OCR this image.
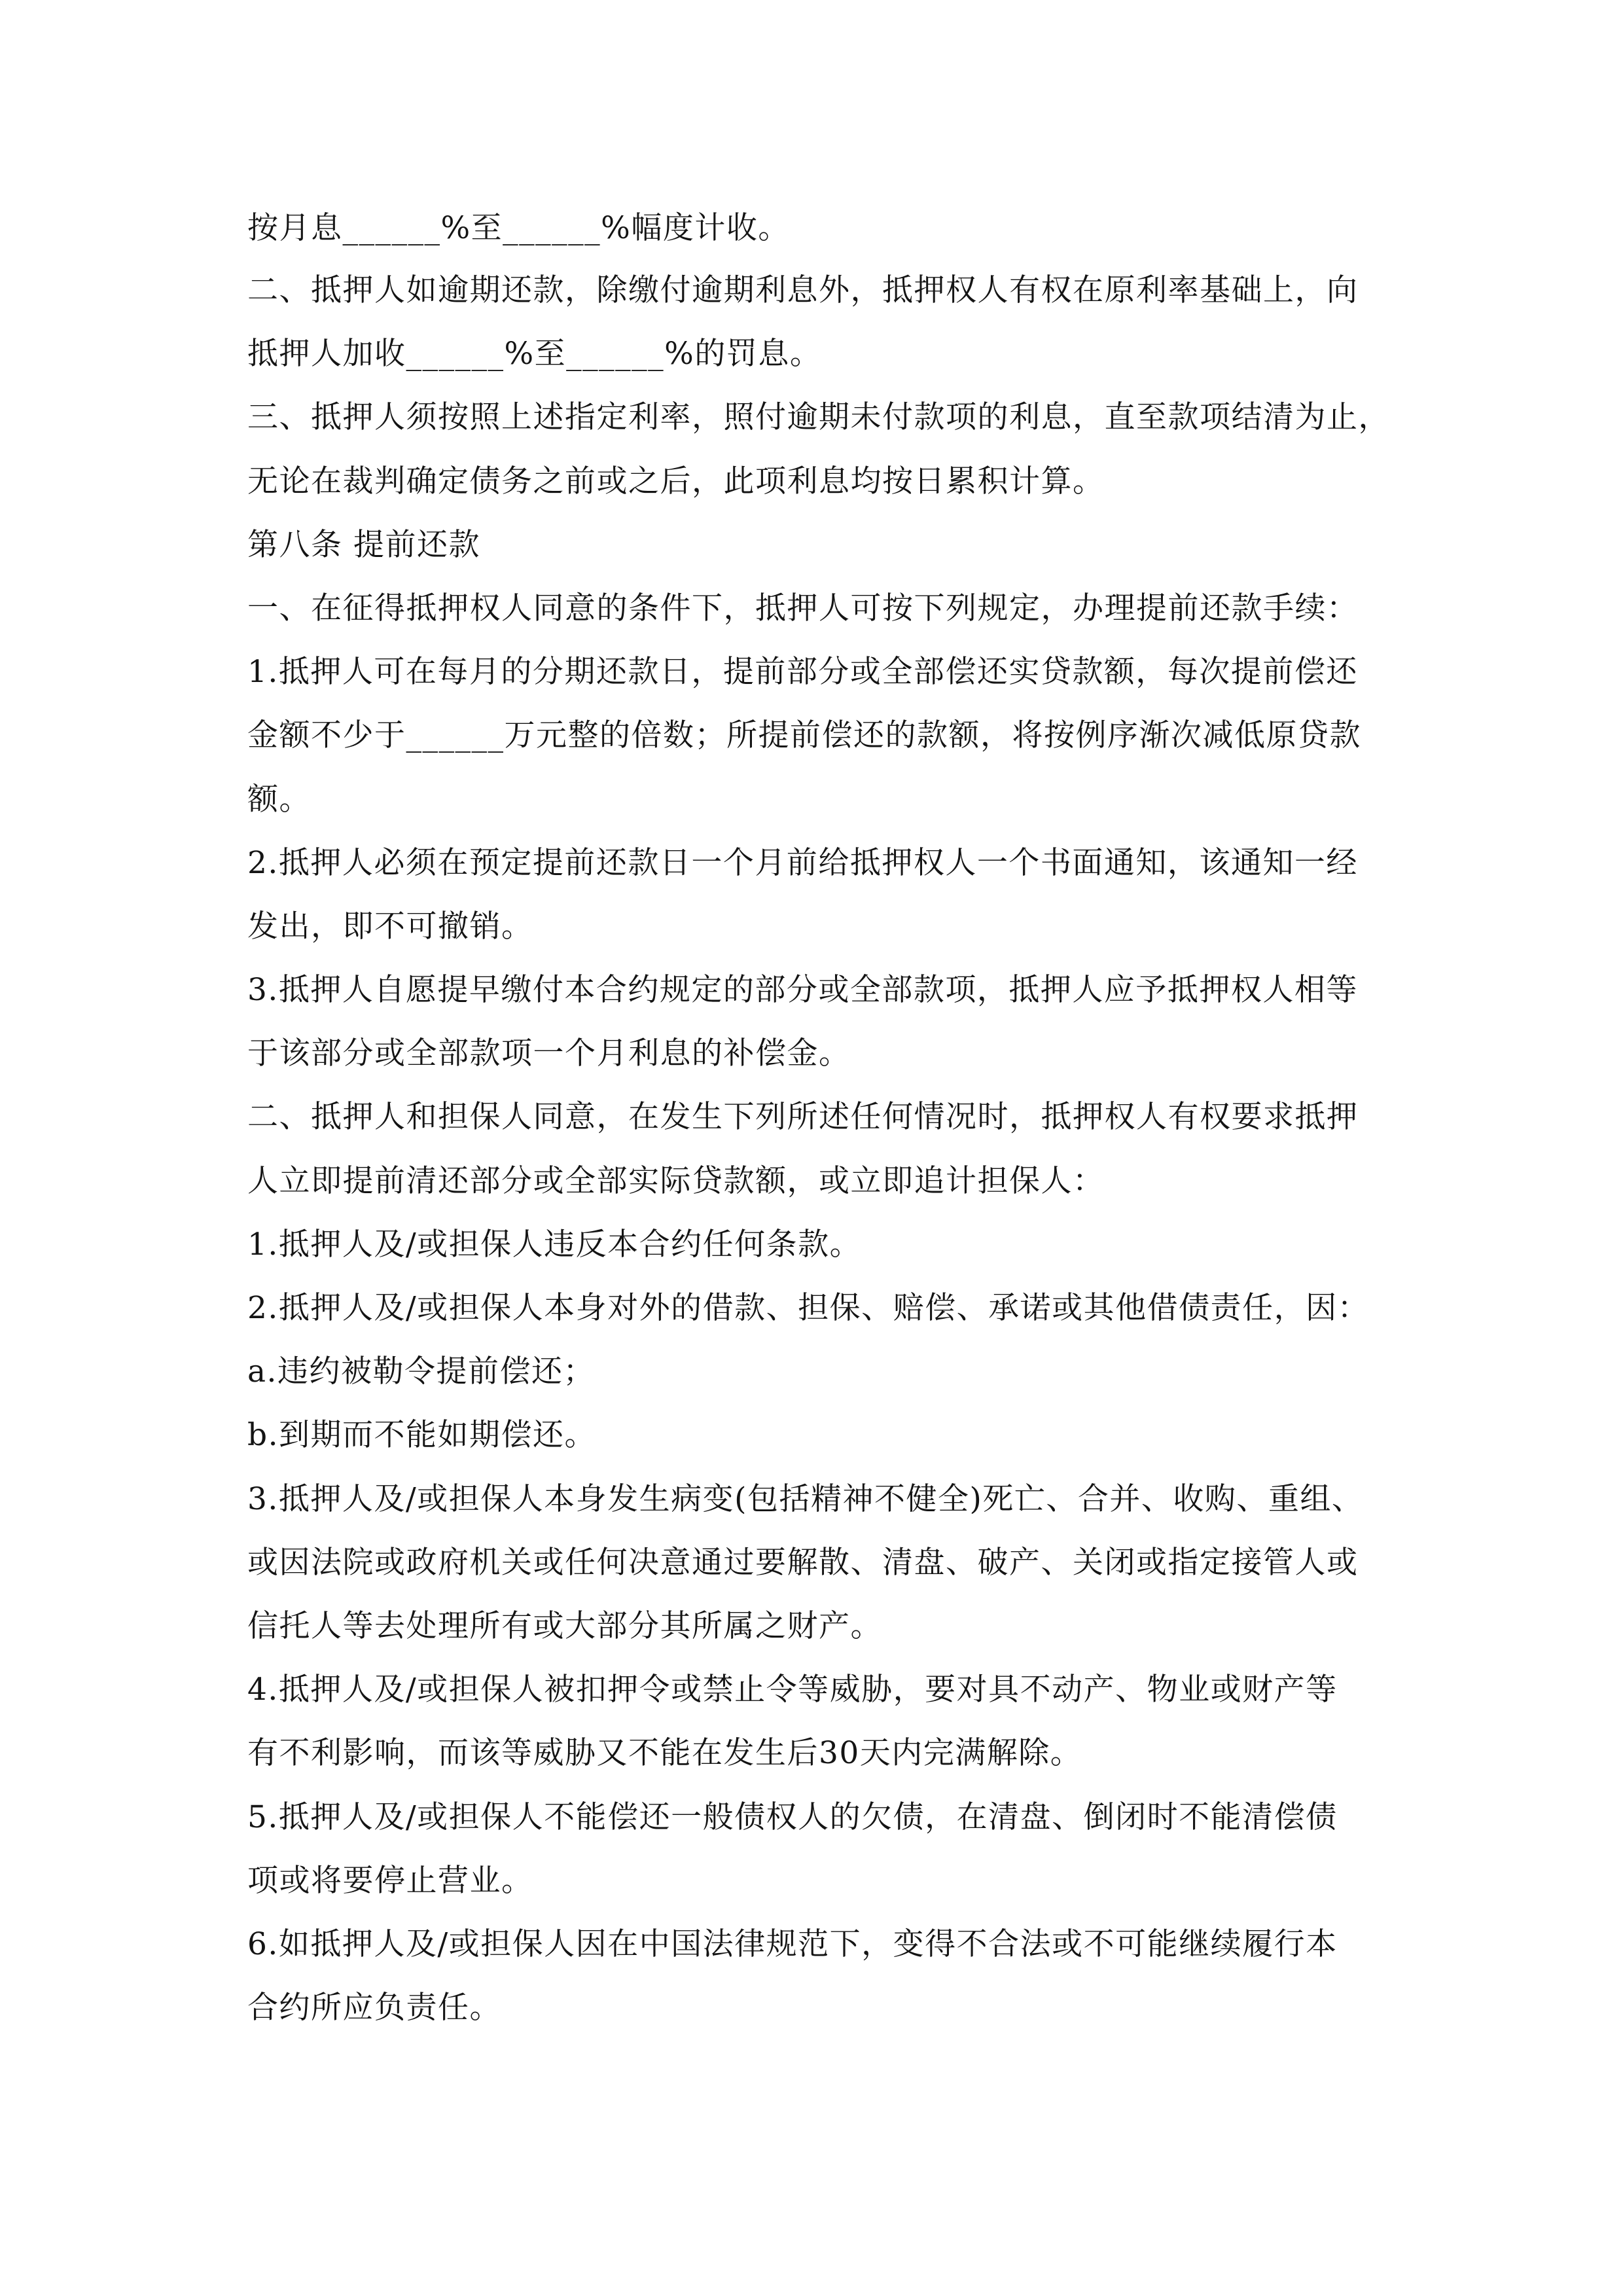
按月息______%至______%幅度计收。
二、抵押人如逾期还款，除缴付逾期利息外，抵押权人有权在原利率基础上，向
抵押人加收______%至______%的罚息。
三、抵押人须按照上述指定利率，照付逾期未付款项的利息，直至款项结清为止，
无论在裁判确定债务之前或之后，此项利息均按日累积计算。
第八条 提前还款
一、在征得抵押权人同意的条件下，抵押人可按下列规定，办理提前还款手续：
1.抵押人可在每月的分期还款日，提前部分或全部偿还实贷款额，每次提前偿还
金额不少于______万元整的倍数；所提前偿还的款额，将按例序渐次减低原贷款
额。
2.抵押人必须在预定提前还款日一个月前给抵押权人一个书面通知，该通知一经
发出，即不可撤销。
3.抵押人自愿提早缴付本合约规定的部分或全部款项，抵押人应予抵押权人相等
于该部分或全部款项一个月利息的补偿金。
二、抵押人和担保人同意，在发生下列所述任何情况时，抵押权人有权要求抵押
人立即提前清还部分或全部实际贷款额，或立即追计担保人：
1.抵押人及/或担保人违反本合约任何条款。
2.抵押人及/或担保人本身对外的借款、担保、赔偿、承诺或其他借债责任，因：
a.违约被勒令提前偿还；
b.到期而不能如期偿还。
3.抵押人及/或担保人本身发生病变(包括精神不健全)死亡、合并、收购、重组、
或因法院或政府机关或任何决意通过要解散、清盘、破产、关闭或指定接管人或
信托人等去处理所有或大部分其所属之财产。
4.抵押人及/或担保人被扣押令或禁止令等威胁，要对具不动产、物业或财产等
有不利影响，而该等威胁又不能在发生后30天内完满解除。
5.抵押人及/或担保人不能偿还一般债权人的欠债，在清盘、倒闭时不能清偿债
项或将要停止营业。
6.如抵押人及/或担保人因在中国法律规范下，变得不合法或不可能继续履行本
合约所应负责任。
